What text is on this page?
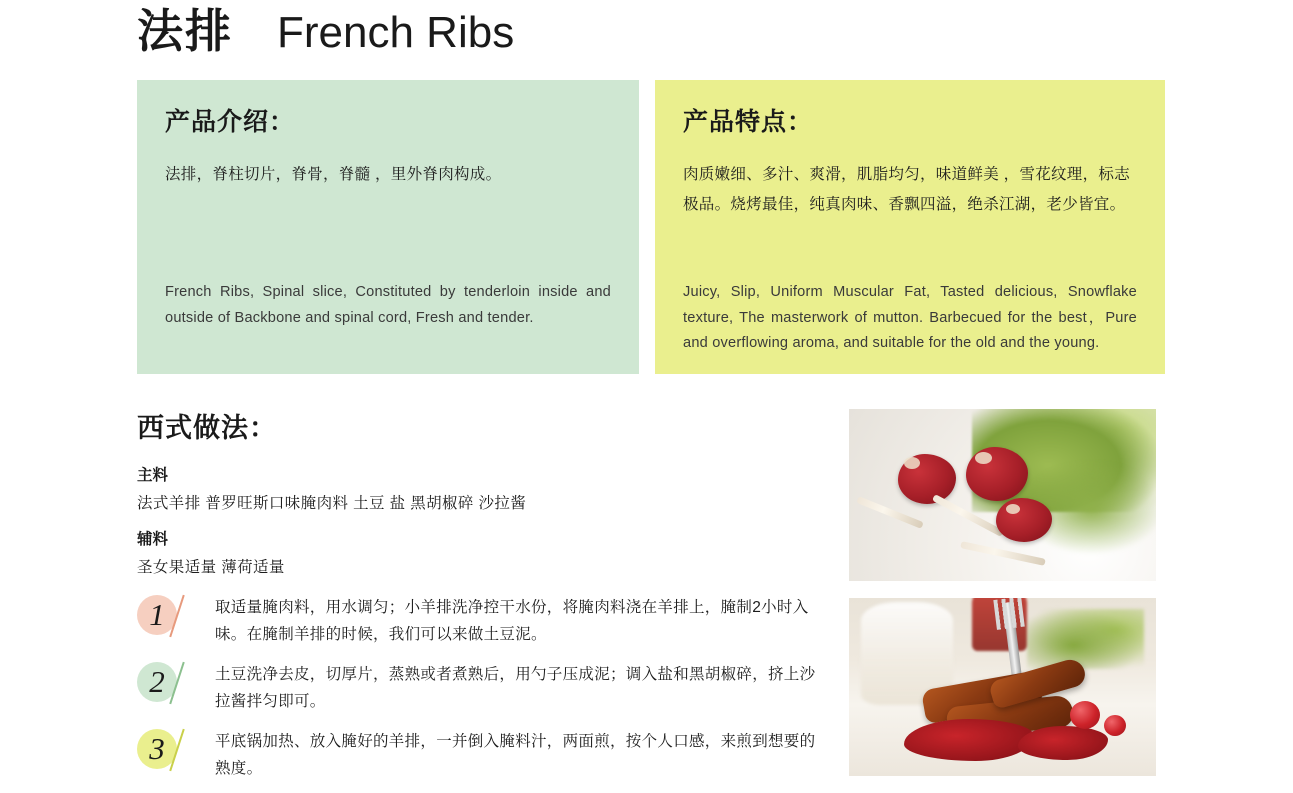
法排 French Ribs
产品介绍：

法排，脊柱切片，脊骨，脊髓 ，里外脊肉构成。

French Ribs, Spinal slice, Constituted by tenderloin inside and outside of Backbone and spinal cord, Fresh and tender.

产品特点：

肉质嫩细、多汁、爽滑，肌脂均匀，味道鲜美 ，雪花纹理，标志极品。烧烤最佳，纯真肉味、香飘四溢，绝杀江湖，老少皆宜。

Juicy, Slip, Uniform Muscular Fat, Tasted delicious, Snowflake texture, The masterwork of mutton. Barbecued for the best，Pure and overflowing aroma, and suitable for the old and the young.

西式做法：
主料
法式羊排 普罗旺斯口味腌肉料 土豆 盐 黑胡椒碎 沙拉酱
辅料
圣女果适量 薄荷适量
1	取适量腌肉料，用水调匀；小羊排洗净控干水份，将腌肉料浇在羊排上，腌制2小时入味。在腌制羊排的时候，我们可以来做土豆泥。
2	土豆洗净去皮，切厚片，蒸熟或者煮熟后，用勺子压成泥；调入盐和黑胡椒碎，挤上沙拉酱拌匀即可。
3	平底锅加热、放入腌好的羊排，一并倒入腌料汁，两面煎，按个人口感，来煎到想要的熟度。
